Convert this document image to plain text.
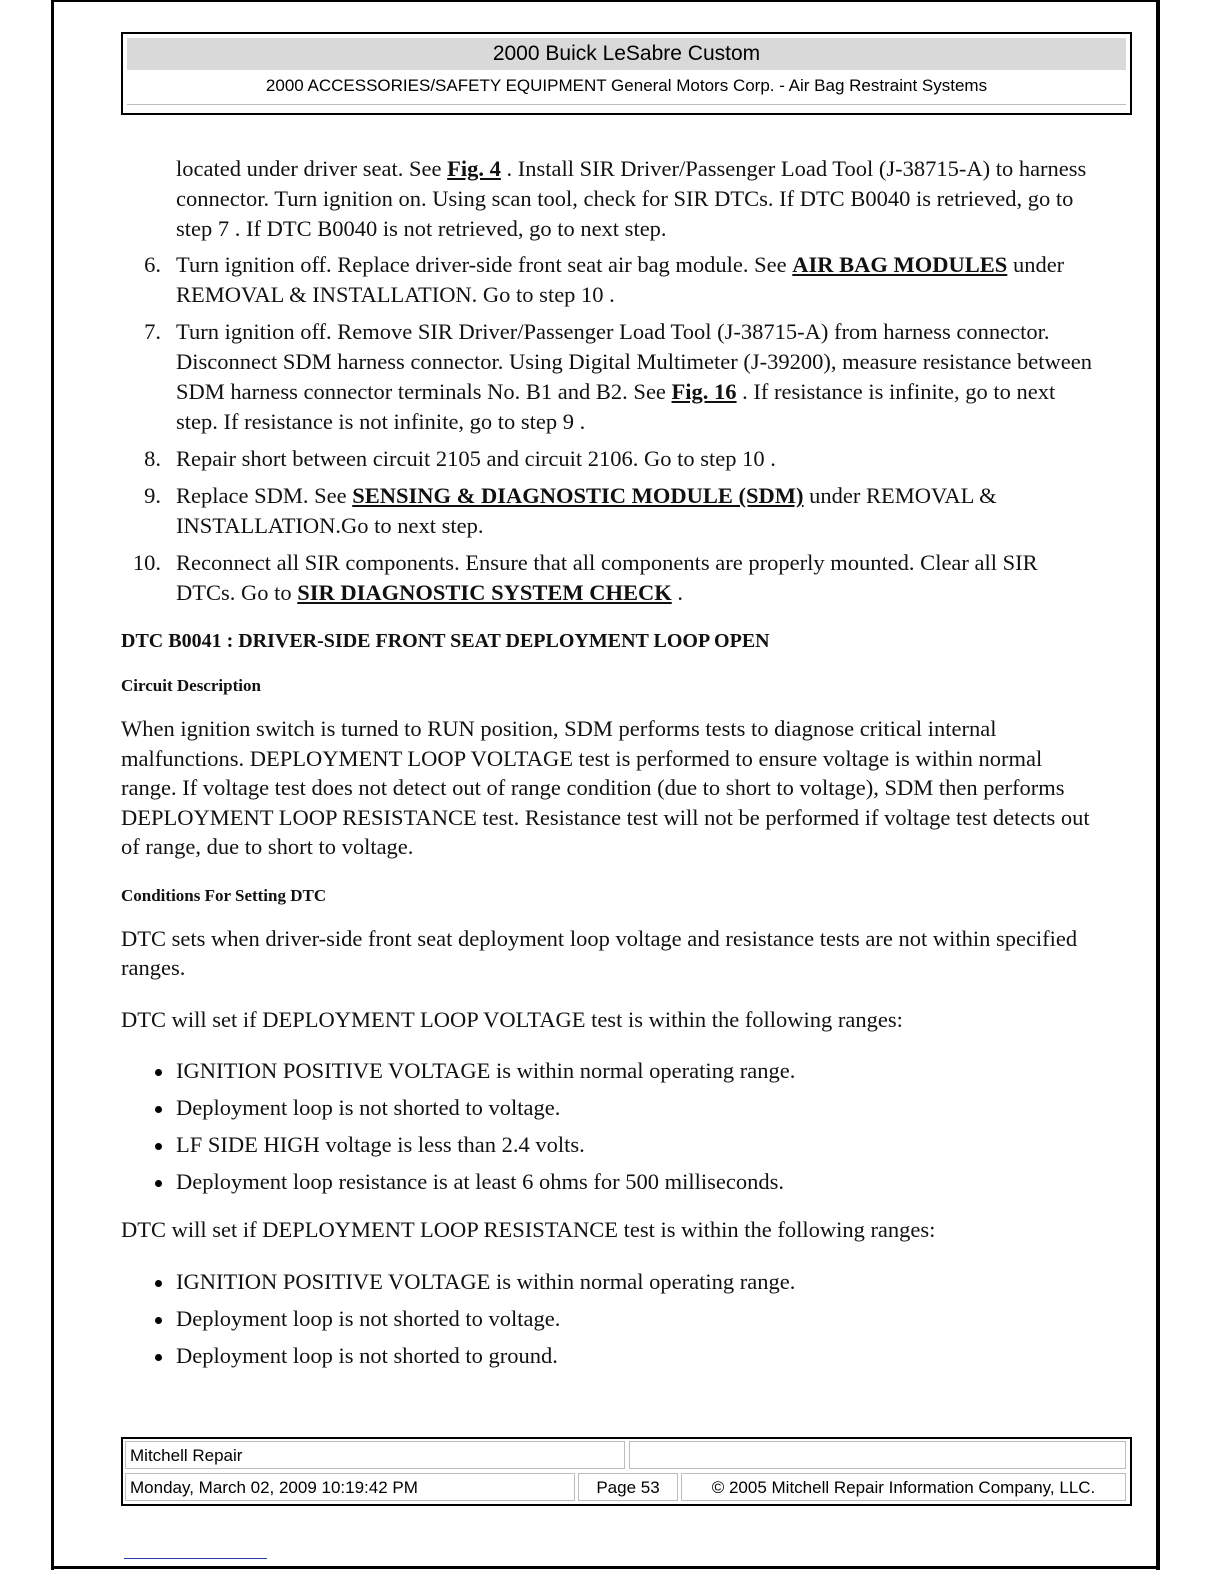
2000 Buick LeSabre Custom
2000 ACCESSORIES/SAFETY EQUIPMENT General Motors Corp. - Air Bag Restraint Systems

located under driver seat. See Fig. 4 . Install SIR Driver/Passenger Load Tool (J-38715-A) to harness connector. Turn ignition on. Using scan tool, check for SIR DTCs. If DTC B0040 is retrieved, go to step 7 . If DTC B0040 is not retrieved, go to next step.

6. Turn ignition off. Replace driver-side front seat air bag module. See AIR BAG MODULES under REMOVAL & INSTALLATION. Go to step 10 .
7. Turn ignition off. Remove SIR Driver/Passenger Load Tool (J-38715-A) from harness connector. Disconnect SDM harness connector. Using Digital Multimeter (J-39200), measure resistance between SDM harness connector terminals No. B1 and B2. See Fig. 16 . If resistance is infinite, go to next step. If resistance is not infinite, go to step 9 .
8. Repair short between circuit 2105 and circuit 2106. Go to step 10 .
9. Replace SDM. See SENSING & DIAGNOSTIC MODULE (SDM) under REMOVAL & INSTALLATION.Go to next step.
10. Reconnect all SIR components. Ensure that all components are properly mounted. Clear all SIR DTCs. Go to SIR DIAGNOSTIC SYSTEM CHECK .
DTC B0041 : DRIVER-SIDE FRONT SEAT DEPLOYMENT LOOP OPEN
Circuit Description

When ignition switch is turned to RUN position, SDM performs tests to diagnose critical internal malfunctions. DEPLOYMENT LOOP VOLTAGE test is performed to ensure voltage is within normal range. If voltage test does not detect out of range condition (due to short to voltage), SDM then performs DEPLOYMENT LOOP RESISTANCE test. Resistance test will not be performed if voltage test detects out of range, due to short to voltage.

Conditions For Setting DTC

DTC sets when driver-side front seat deployment loop voltage and resistance tests are not within specified ranges.

DTC will set if DEPLOYMENT LOOP VOLTAGE test is within the following ranges:

IGNITION POSITIVE VOLTAGE is within normal operating range.
Deployment loop is not shorted to voltage.
LF SIDE HIGH voltage is less than 2.4 volts.
Deployment loop resistance is at least 6 ohms for 500 milliseconds.

DTC will set if DEPLOYMENT LOOP RESISTANCE test is within the following ranges:

IGNITION POSITIVE VOLTAGE is within normal operating range.
Deployment loop is not shorted to voltage.
Deployment loop is not shorted to ground.
Mitchell Repair
Monday, March 02, 2009 10:19:42 PM	Page 53	© 2005 Mitchell Repair Information Company, LLC.
